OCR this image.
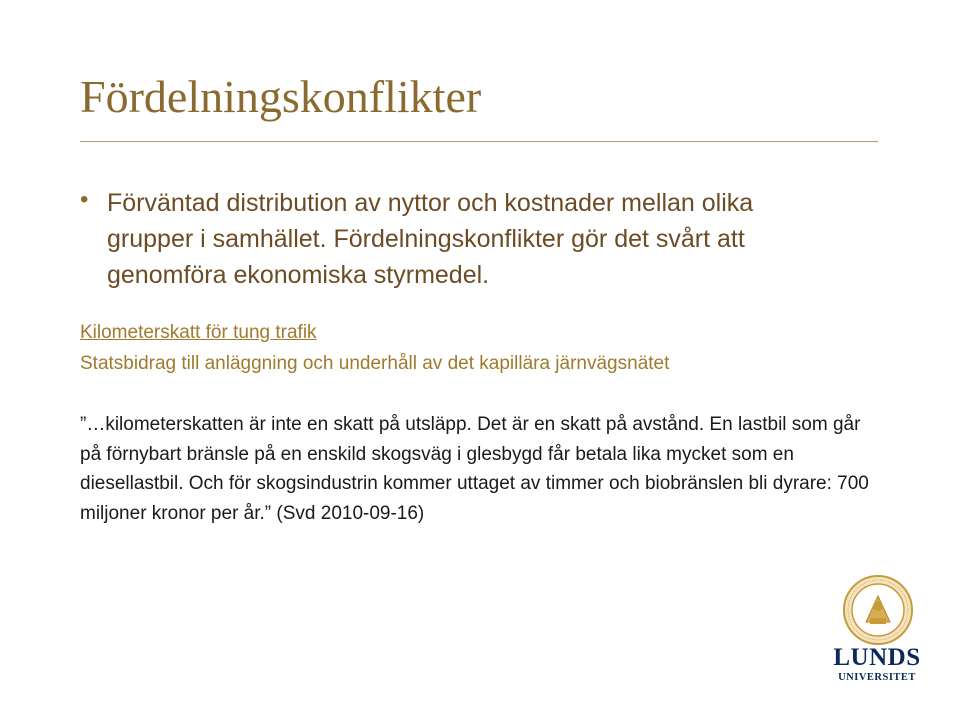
Fördelningskonflikter
• Förväntad distribution av nyttor och kostnader mellan olika grupper i samhället. Fördelningskonflikter gör det svårt att genomföra ekonomiska styrmedel.
Kilometerskatt för tung trafik
Statsbidrag till anläggning och underhåll av det kapillära järnvägsnätet
”…kilometerskatten är inte en skatt på utsläpp. Det är en skatt på avstånd. En lastbil som går på förnybart bränsle på en enskild skogsväg i glesbygd får betala lika mycket som en diesellastbil. Och för skogsindustrin kommer uttaget av timmer och biobränslen bli dyrare: 700 miljoner kronor per år.” (Svd 2010-09-16)
LUNDS
UNIVERSITET
